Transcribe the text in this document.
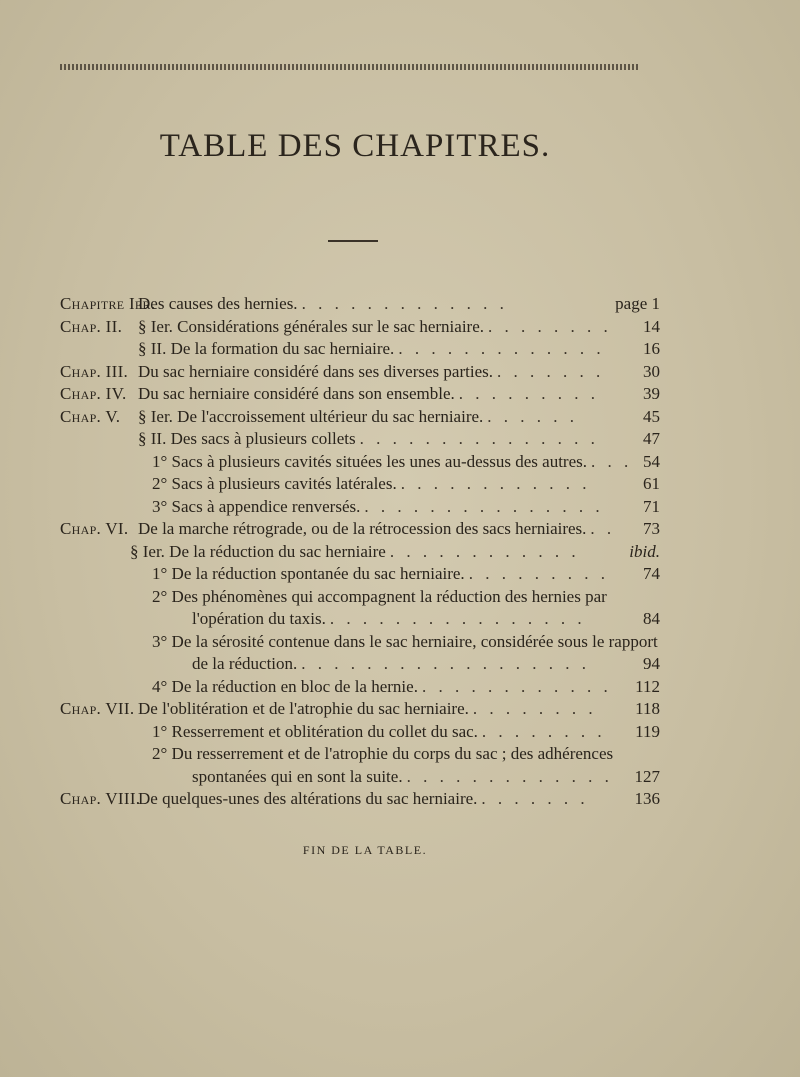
TABLE DES CHAPITRES.
Chapitre Ier.Des causes des hernies. . . . . . . . . . . . . .	page 1
Chap. II. § Ier. Considérations générales sur le sac herniaire. . . . . . . . . 14
§ II. De la formation du sac herniaire. . . . . . . . . . . . . . 16
Chap. III. Du sac herniaire considéré dans ses diverses parties. . . . . . . . 30
Chap. IV. Du sac herniaire considéré dans son ensemble. . . . . . . . . .	39
Chap. V. § Ier. De l'accroissement ultérieur du sac herniaire. . . . . . .	45
§ II. Des sacs à plusieurs collets . . . . . . . . . . . . . . .	47
1° Sacs à plusieurs cavités situées les unes au-dessus des autres. . . . 54
2° Sacs à plusieurs cavités latérales. . . . . . . . . . . . .	61
3° Sacs à appendice renversés. . . . . . . . . . . . . . . . 71
Chap. VI. De la marche rétrograde, ou de la rétrocession des sacs herniaires. . . 73
§ Ier. De la réduction du sac herniaire . . . . . . . . . . . .	ibid.
1° De la réduction spontanée du sac herniaire. . . . . . . . . . 74
2° Des phénomènes qui accompagnent la réduction des hernies par
l'opération du taxis. . . . . . . . . . . . . . . . .	84
3° De la sérosité contenue dans le sac herniaire, considérée sous le rapport
de la réduction. . . . . . . . . . . . . . . . . . .	94
4° De la réduction en bloc de la hernie. . . . . . . . . . . . . 112
Chap. VII. De l'oblitération et de l'atrophie du sac herniaire. . . . . . . . . 118
1° Resserrement et oblitération du collet du sac. . . . . . . . . 119
2° Du resserrement et de l'atrophie du corps du sac ; des adhérences
spontanées qui en sont la suite. . . . . . . . . . . . . . 127
Chap. VIII.De quelques-unes des altérations du sac herniaire. . . . . . . .	136
FIN DE LA TABLE.
